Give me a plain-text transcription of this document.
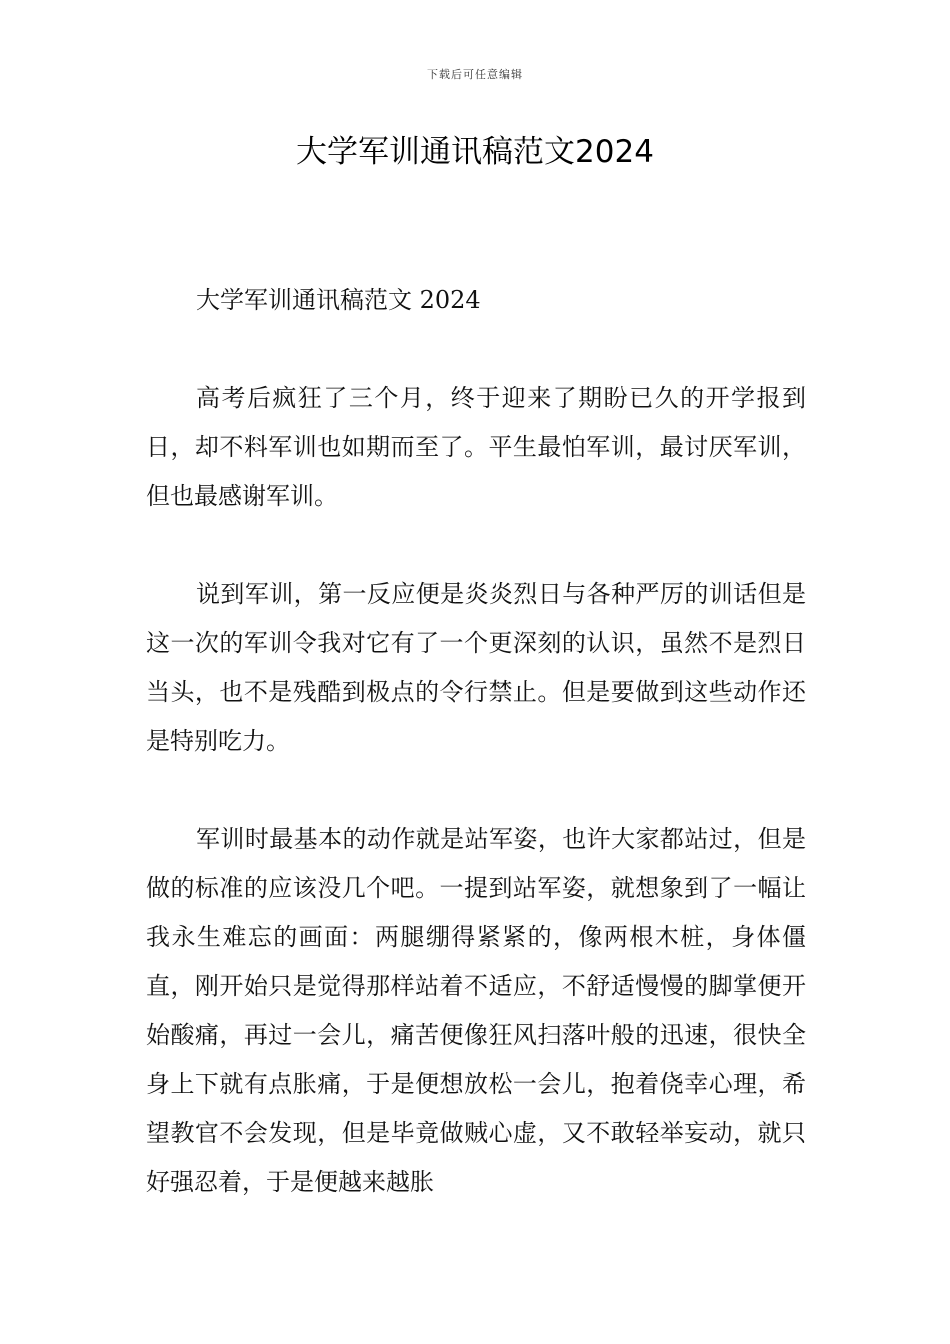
下载后可任意编辑
大学军训通讯稿范文2024

大学军训通讯稿范文 2024

高考后疯狂了三个月，终于迎来了期盼已久的开学报到日，却不料军训也如期而至了。平生最怕军训，最讨厌军训，但也最感谢军训。

说到军训，第一反应便是炎炎烈日与各种严厉的训话但是这一次的军训令我对它有了一个更深刻的认识，虽然不是烈日当头，也不是残酷到极点的令行禁止。但是要做到这些动作还是特别吃力。

军训时最基本的动作就是站军姿，也许大家都站过，但是做的标准的应该没几个吧。一提到站军姿，就想象到了一幅让我永生难忘的画面：两腿绷得紧紧的，像两根木桩，身体僵直，刚开始只是觉得那样站着不适应，不舒适慢慢的脚掌便开始酸痛，再过一会儿，痛苦便像狂风扫落叶般的迅速，很快全身上下就有点胀痛，于是便想放松一会儿，抱着侥幸心理，希望教官不会发现，但是毕竟做贼心虚，又不敢轻举妄动，就只好强忍着，于是便越来越胀
